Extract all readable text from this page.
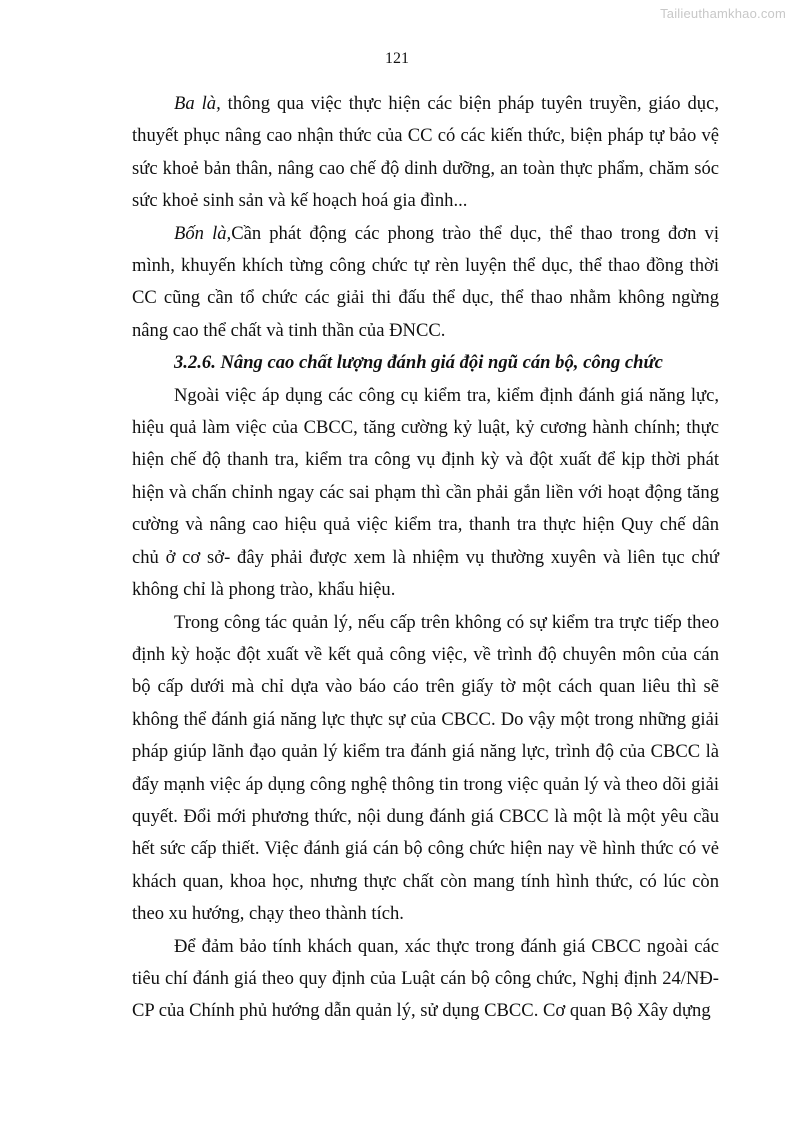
Tailieuthamkhao.com
121

Ba là, thông qua việc thực hiện các biện pháp tuyên truyền, giáo dục, thuyết phục nâng cao nhận thức của CC có các kiến thức, biện pháp tự bảo vệ sức khoẻ bản thân, nâng cao chế độ dinh dưỡng, an toàn thực phẩm, chăm sóc sức khoẻ sinh sản và kế hoạch hoá gia đình...

Bốn là,Cần phát động các phong trào thể dục, thể thao trong đơn vị mình, khuyến khích từng công chức tự rèn luyện thể dục, thể thao đồng thời CC cũng cần tổ chức các giải thi đấu thể dục, thể thao nhằm không ngừng nâng cao thể chất và tinh thần của ĐNCC.

3.2.6. Nâng cao chất lượng đánh giá đội ngũ cán bộ, công chức

Ngoài việc áp dụng các công cụ kiểm tra, kiểm định đánh giá năng lực, hiệu quả làm việc của CBCC, tăng cường kỷ luật, kỷ cương hành chính; thực hiện chế độ thanh tra, kiểm tra công vụ định kỳ và đột xuất để kịp thời phát hiện và chấn chỉnh ngay các sai phạm thì cần phải gắn liền với hoạt động tăng cường và nâng cao hiệu quả việc kiểm tra, thanh tra thực hiện Quy chế dân chủ ở cơ sở- đây phải được xem là nhiệm vụ thường xuyên và liên tục chứ không chỉ là phong trào, khẩu hiệu.

Trong công tác quản lý, nếu cấp trên không có sự kiểm tra trực tiếp theo định kỳ hoặc đột xuất về kết quả công việc, về trình độ chuyên môn của cán bộ cấp dưới mà chỉ dựa vào báo cáo trên giấy tờ một cách quan liêu thì sẽ không thể đánh giá năng lực thực sự của CBCC. Do vậy một trong những giải pháp giúp lãnh đạo quản lý kiểm tra đánh giá năng lực, trình độ của CBCC là đẩy mạnh việc áp dụng công nghệ thông tin trong việc quản lý và theo dõi giải quyết. Đổi mới phương thức, nội dung đánh giá CBCC là một là một yêu cầu hết sức cấp thiết. Việc đánh giá cán bộ công chức hiện nay về hình thức có vẻ khách quan, khoa học, nhưng thực chất còn mang tính hình thức, có lúc còn theo xu hướng, chạy theo thành tích.

Để đảm bảo tính khách quan, xác thực trong đánh giá CBCC ngoài các tiêu chí đánh giá theo quy định của Luật cán bộ công chức, Nghị định 24/NĐ-CP của Chính phủ hướng dẫn quản lý, sử dụng CBCC. Cơ quan Bộ Xây dựng
